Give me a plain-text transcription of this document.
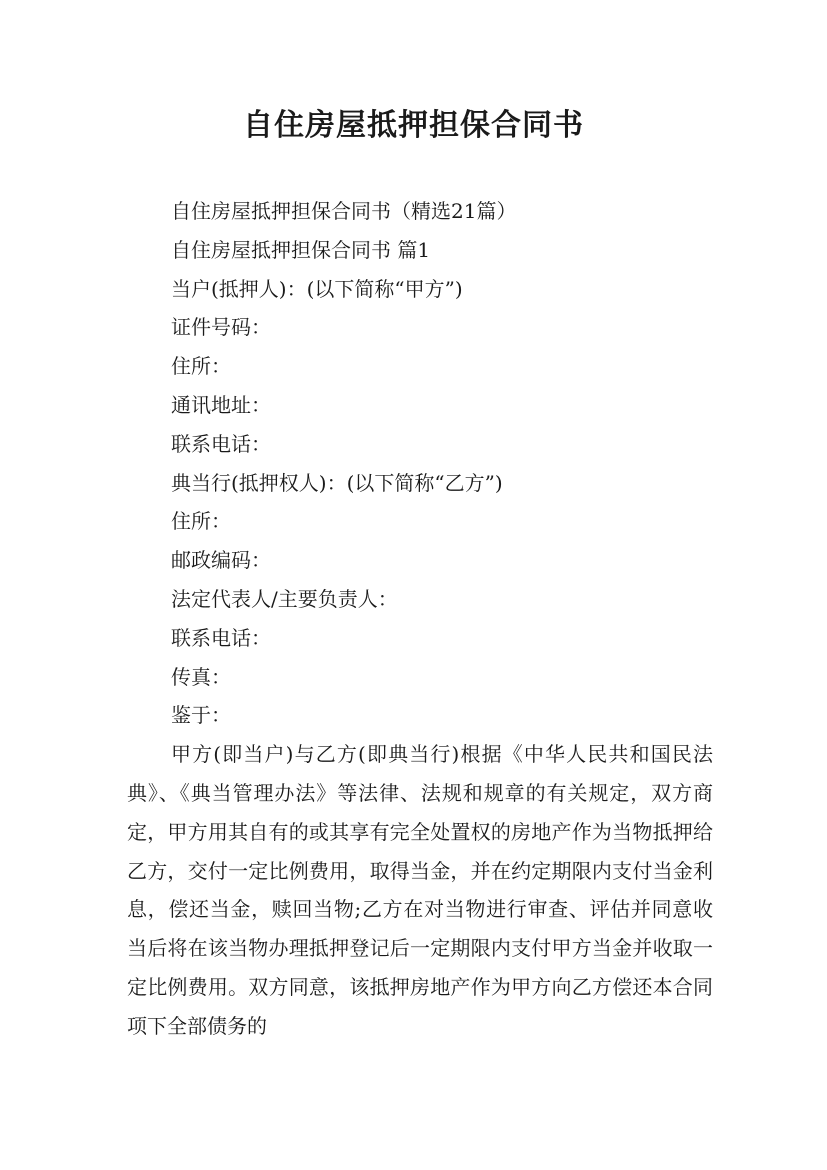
自住房屋抵押担保合同书
自住房屋抵押担保合同书（精选21篇）
自住房屋抵押担保合同书 篇1
当户(抵押人)：(以下简称“甲方”)
证件号码：
住所：
通讯地址：
联系电话：
典当行(抵押权人)：(以下简称“乙方”)
住所：
邮政编码：
法定代表人/主要负责人：
联系电话：
传真：
鉴于：
甲方(即当户)与乙方(即典当行)根据《中华人民共和国民法典》、《典当管理办法》等法律、法规和规章的有关规定，双方商定，甲方用其自有的或其享有完全处置权的房地产作为当物抵押给乙方，交付一定比例费用，取得当金，并在约定期限内支付当金利息，偿还当金，赎回当物;乙方在对当物进行审查、评估并同意收当后将在该当物办理抵押登记后一定期限内支付甲方当金并收取一定比例费用。双方同意，该抵押房地产作为甲方向乙方偿还本合同项下全部债务的
